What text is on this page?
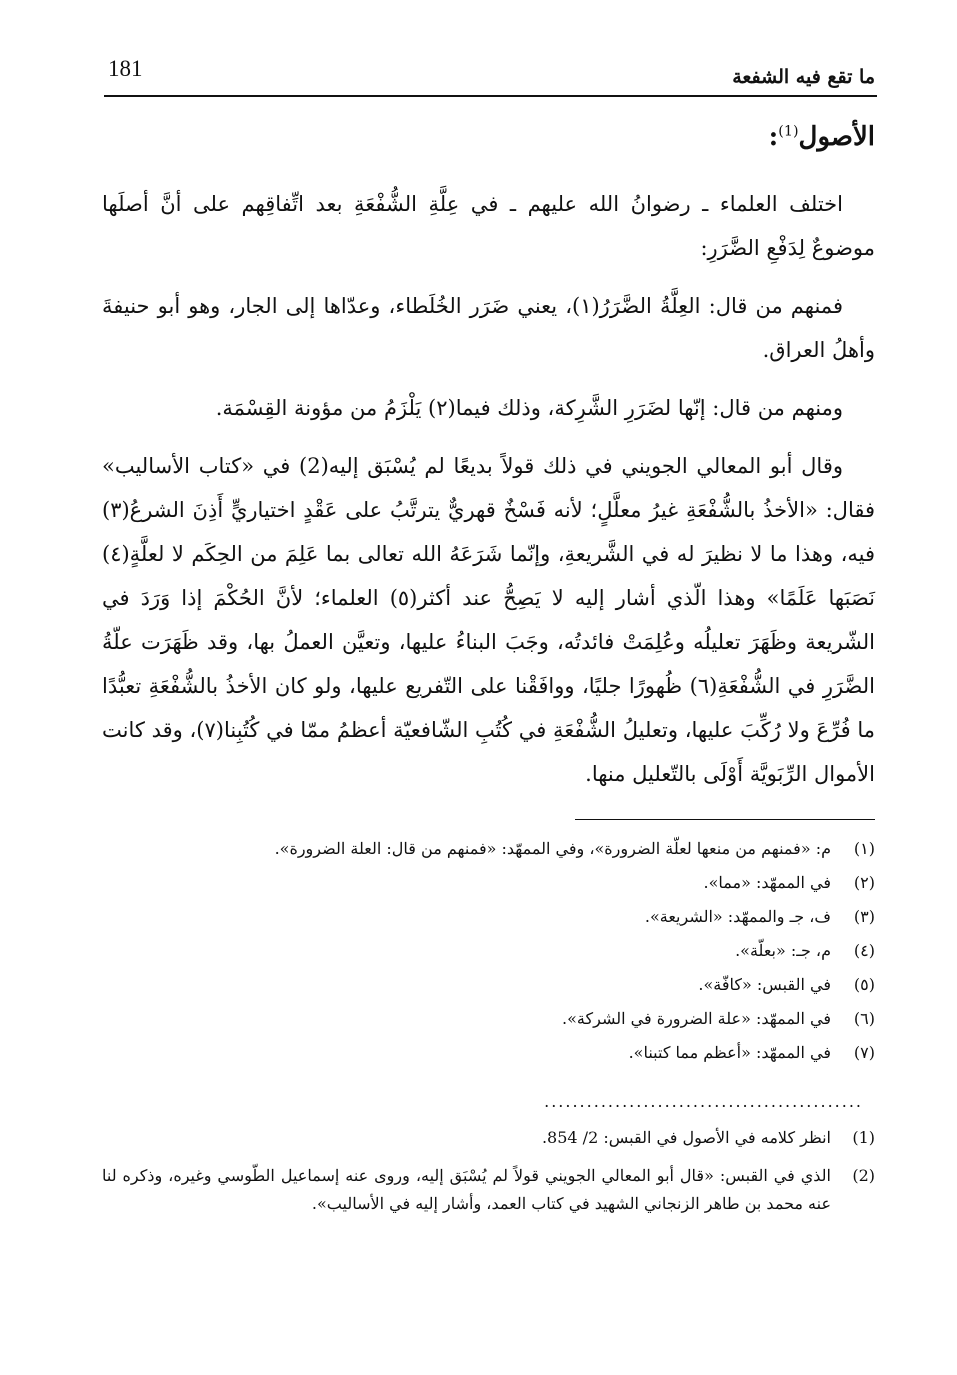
181	ما تقع فيه الشفعة
الأصول$^{(1)}$:

اختلف العلماء ـ رضوانُ الله عليهم ـ في عِلَّةِ الشُّفْعَةِ بعد اتِّفاقِهم على أنَّ أصلَها موضوعٌ لِدَفْعِ الضَّرَرِ:

فمنهم من قال: العِلَّةُ الضَّرَرُ(١)، يعني ضَرَر الخُلَطاء، وعدّاها إلى الجار، وهو أبو حنيفةَ وأهلُ العراق.

ومنهم من قال: إنّها لضَرَرِ الشَّرِكة، وذلك فيما(٢) يَلْزَمُ من مؤونة القِسْمَة.

وقال أبو المعالي الجويني في ذلك قولاً بديعًا لم يُسْبَق إليه(2) في «كتاب الأساليب» فقال: «الأخذُ بالشُّفْعَةِ غيرُ معلَّلٍ؛ لأنه فَسْخٌ قهريٌّ يترتَّبُ على عَقْدٍ اختياريٍّ أَذِنَ الشرعُ(٣) فيه، وهذا ما لا نظيرَ له في الشَّريعةِ، وإنّما شَرَعَهُ الله تعالى بما عَلِمَ من الحِكَم لا لعلَّةٍ(٤) نَصَبَها عَلَمًا» وهذا الّذي أشار إليه لا يَصِحُّ عند أكثر(٥) العلماء؛ لأنَّ الحُكْمَ إذا وَرَدَ في الشّريعة وظَهَرَ تعليلُه وعُلِمَتْ فائدتُه، وجَبَ البناءُ عليها، وتعيَّن العملُ بها، وقد ظَهَرَت علّةُ الضَّرَرِ في الشُّفْعَةِ(٦) ظُهورًا جليًا، ووافَقْنا على التّفريع عليها، ولو كان الأخذُ بالشُّفْعَةِ تعبُّدًا ما فُرِّعَ ولا رُكِّبَ عليها، وتعليلُ الشُّفْعَةِ في كُتُبِ الشّافعيّة أعظمُ ممّا في كُتُبِنا(٧)، وقد كانت الأموال الرِّبَويَّة أَوْلَى بالتّعليل منها.

(١)
م: «فمنهم من منعها لعلّة الضرورة»، وفي الممهّد: «فمنهم من قال: العلة الضرورة».
(٢)
في الممهّد: «مما».
(٣)
ف، جـ والممهّد: «الشريعة».
(٤)
م، جـ: «بعلّة».
(٥)
في القبس: «كافّة».
(٦)
في الممهّد: «علة الضرورة في الشركة».
(٧)
في الممهّد: «أعظم مما كتبنا».
.............................................
(1)
انظر كلامه في الأصول في القبس: 2/ 854.
(2)
الذي في القبس: «قال أبو المعالي الجويني قولاً لم يُسْبَق إليه، وروى عنه إسماعيل الطّوسي وغيره، وذكره لنا عنه محمد بن طاهر الزنجاني الشهيد في كتاب العمد، وأشار إليه في الأساليب».
